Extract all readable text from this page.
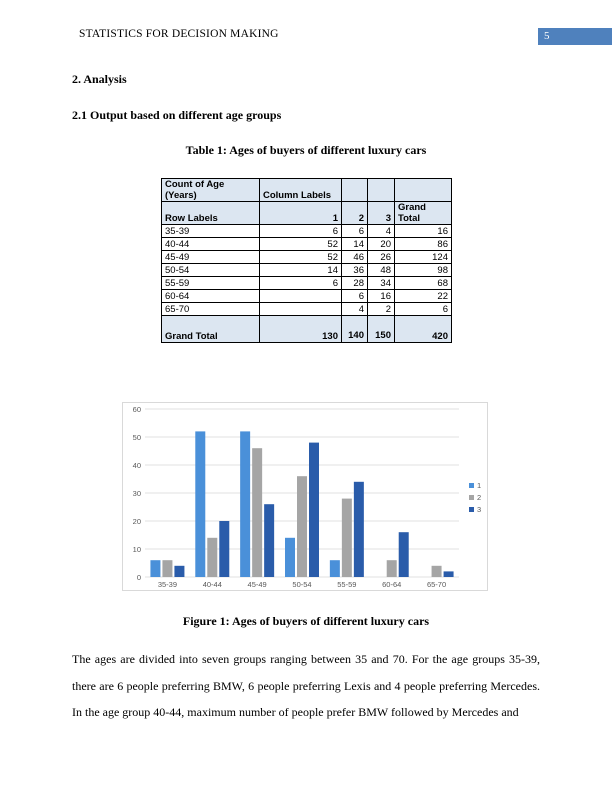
STATISTICS FOR DECISION MAKING	5
2. Analysis
2.1 Output based on different age groups
Table 1: Ages of buyers of different luxury cars
Count of Age (Years)	Column Labels			
Row Labels	1	2	3	Grand Total
35-39	6	6	4	16
40-44	52	14	20	86
45-49	52	46	26	124
50-54	14	36	48	98
55-59	6	28	34	68
60-64		6	16	22
65-70		4	2	6
Grand Total	130	140	150	420
0
10
20
30
40
50
60
35-39	40-44	45-49	50-54	55-59	60-64	65-70
1
2
3
Figure 1: Ages of buyers of different luxury cars

The ages are divided into seven groups ranging between 35 and 70. For the age groups 35-39, there are 6 people preferring BMW, 6 people preferring Lexis and 4 people preferring Mercedes. In the age group 40-44, maximum number of people prefer BMW followed by Mercedes and
